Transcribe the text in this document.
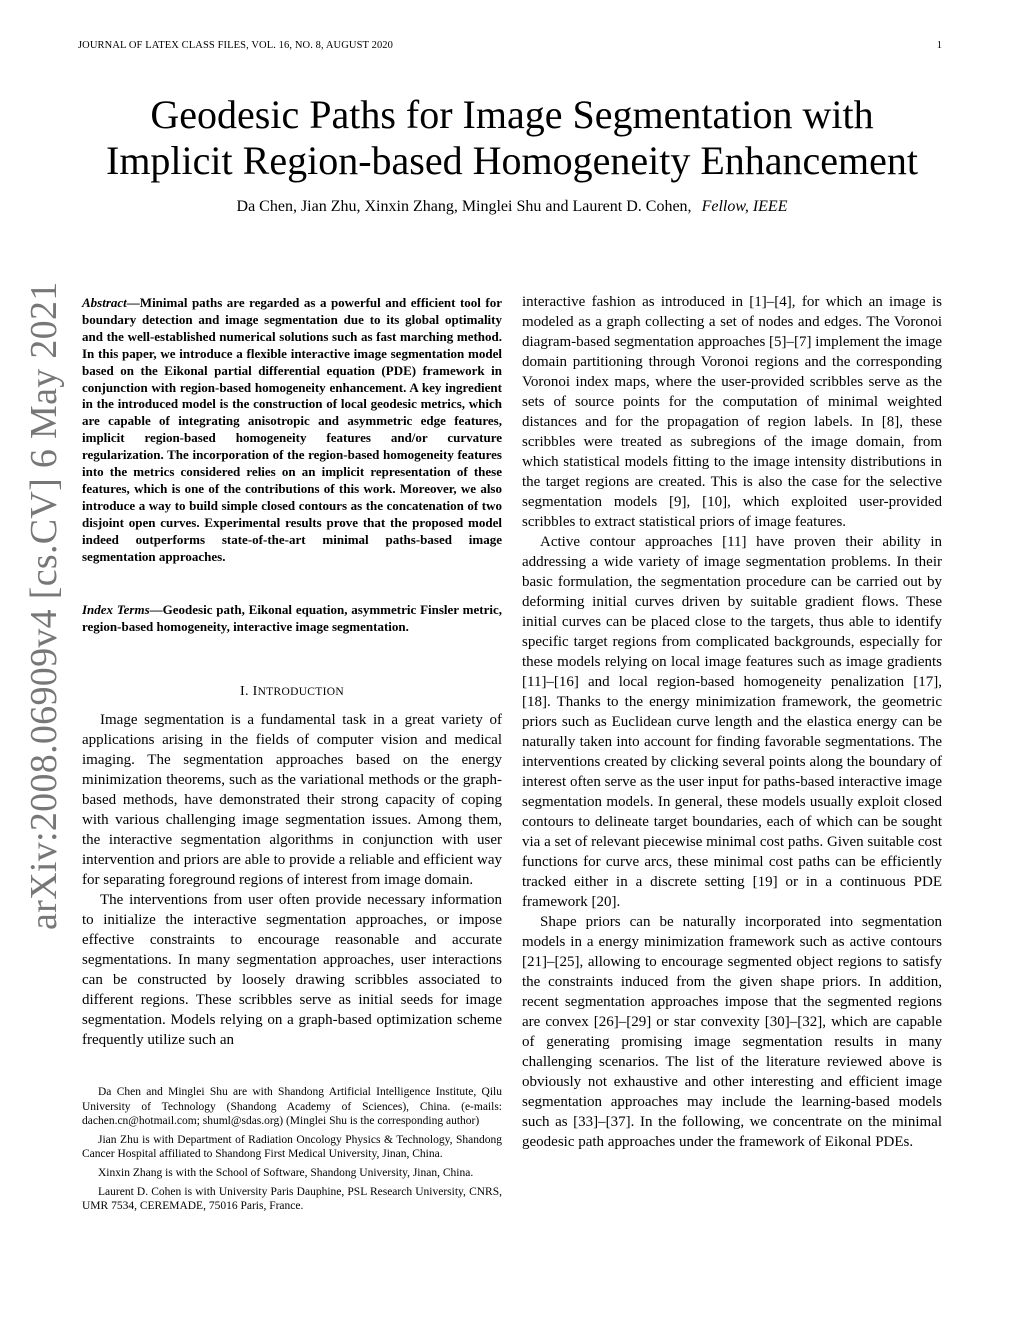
JOURNAL OF LATEX CLASS FILES, VOL. 16, NO. 8, AUGUST 2020	1
Geodesic Paths for Image Segmentation with
Implicit Region-based Homogeneity Enhancement
Da Chen, Jian Zhu, Xinxin Zhang, Minglei Shu and Laurent D. Cohen, Fellow, IEEE
arXiv:2008.06909v4 [cs.CV] 6 May 2021 Abstract—Minimal paths are regarded as a powerful and efficient tool for boundary detection and image segmentation due to its global optimality and the well-established numerical solutions such as fast marching method. In this paper, we introduce a flexible interactive image segmentation model based on the Eikonal partial differential equation (PDE) framework in conjunction with region-based homogeneity enhancement. A key ingredient in the introduced model is the construction of local geodesic metrics, which are capable of integrating anisotropic and asymmetric edge features, implicit region-based homogeneity features and/or curvature regularization. The incorporation of the region-based homogeneity features into the metrics considered relies on an implicit representation of these features, which is one of the contributions of this work. Moreover, we also introduce a way to build simple closed contours as the concatenation of two disjoint open curves. Experimental results prove that the proposed model indeed outperforms state-of-the-art minimal paths-based image segmentation approaches.
Index Terms—Geodesic path, Eikonal equation, asymmetric Finsler metric, region-based homogeneity, interactive image segmentation.
I. INTRODUCTION

Image segmentation is a fundamental task in a great variety of applications arising in the fields of computer vision and medical imaging. The segmentation approaches based on the energy minimization theorems, such as the variational methods or the graph-based methods, have demonstrated their strong capacity of coping with various challenging image segmentation issues. Among them, the interactive segmentation algorithms in conjunction with user intervention and priors are able to provide a reliable and efficient way for separating foreground regions of interest from image domain.

The interventions from user often provide necessary information to initialize the interactive segmentation approaches, or impose effective constraints to encourage reasonable and accurate segmentations. In many segmentation approaches, user interactions can be constructed by loosely drawing scribbles associated to different regions. These scribbles serve as initial seeds for image segmentation. Models relying on a graph-based optimization scheme frequently utilize such an

Da Chen and Minglei Shu are with Shandong Artificial Intelligence Institute, Qilu University of Technology (Shandong Academy of Sciences), China. (e-mails: dachen.cn@hotmail.com; shuml@sdas.org) (Minglei Shu is the corresponding author)

Jian Zhu is with Department of Radiation Oncology Physics & Technology, Shandong Cancer Hospital affiliated to Shandong First Medical University, Jinan, China.

Xinxin Zhang is with the School of Software, Shandong University, Jinan, China.

Laurent D. Cohen is with University Paris Dauphine, PSL Research University, CNRS, UMR 7534, CEREMADE, 75016 Paris, France.

interactive fashion as introduced in [1]–[4], for which an image is modeled as a graph collecting a set of nodes and edges. The Voronoi diagram-based segmentation approaches [5]–[7] implement the image domain partitioning through Voronoi regions and the corresponding Voronoi index maps, where the user-provided scribbles serve as the sets of source points for the computation of minimal weighted distances and for the propagation of region labels. In [8], these scribbles were treated as subregions of the image domain, from which statistical models fitting to the image intensity distributions in the target regions are created. This is also the case for the selective segmentation models [9], [10], which exploited user-provided scribbles to extract statistical priors of image features.

Active contour approaches [11] have proven their ability in addressing a wide variety of image segmentation problems. In their basic formulation, the segmentation procedure can be carried out by deforming initial curves driven by suitable gradient flows. These initial curves can be placed close to the targets, thus able to identify specific target regions from complicated backgrounds, especially for these models relying on local image features such as image gradients [11]–[16] and local region-based homogeneity penalization [17], [18]. Thanks to the energy minimization framework, the geometric priors such as Euclidean curve length and the elastica energy can be naturally taken into account for finding favorable segmentations. The interventions created by clicking several points along the boundary of interest often serve as the user input for paths-based interactive image segmentation models. In general, these models usually exploit closed contours to delineate target boundaries, each of which can be sought via a set of relevant piecewise minimal cost paths. Given suitable cost functions for curve arcs, these minimal cost paths can be efficiently tracked either in a discrete setting [19] or in a continuous PDE framework [20].

Shape priors can be naturally incorporated into segmentation models in a energy minimization framework such as active contours [21]–[25], allowing to encourage segmented object regions to satisfy the constraints induced from the given shape priors. In addition, recent segmentation approaches impose that the segmented regions are convex [26]–[29] or star convexity [30]–[32], which are capable of generating promising image segmentation results in many challenging scenarios. The list of the literature reviewed above is obviously not exhaustive and other interesting and efficient image segmentation approaches may include the learning-based models such as [33]–[37]. In the following, we concentrate on the minimal geodesic path approaches under the framework of Eikonal PDEs.
